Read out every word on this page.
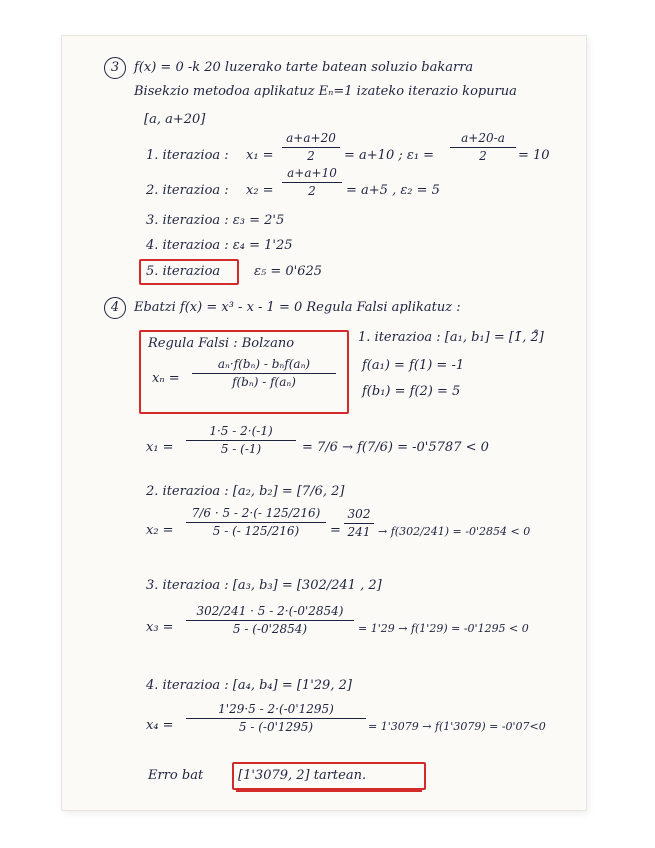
3	f(x) = 0 -k 20 luzerako tarte batean soluzio bakarra
Bisekzio metodoa aplikatuz Eₙ=1 izateko iterazio kopurua
[a, a+20]
1. iterazioa : x₁ =
a+a+20
2	= a+10 ; ε₁ =
a+20-a
2	= 10
2. iterazioa : x₂ =
a+a+10
2	= a+5 , ε₂ = 5
3. iterazioa : ε₃ = 2'5
4. iterazioa : ε₄ = 1'25
5. iterazioa	ε₅ = 0'625
4	Ebatzi f(x) = x³ - x - 1 = 0 Regula Falsi aplikatuz :
Regula Falsi : Bolzano
xₙ =
aₙ·f(bₙ) - bₙf(aₙ)
f(bₙ) - f(aₙ)
1. iterazioa : [a₁, b₁] = [1̄, 2̊]
f(a₁) = f(1) = -1
f(b₁) = f(2) = 5
x₁ =
1·5 - 2·(-1)
5 - (-1)	= 7/6 → f(7/6) = -0'5787 < 0
2. iterazioa : [a₂, b₂] = [7/6, 2]
x₂ =
7/6 · 5 - 2·(- 125/216)
5 - (- 125/216)	=
302
241 → f(302/241) = -0'2854 < 0
3. iterazioa : [a₃, b₃] = [302/241 , 2]
x₃ =
302/241 · 5 - 2·(-0'2854)
5 - (-0'2854)	= 1'29 → f(1'29) = -0'1295 < 0
4. iterazioa : [a₄, b₄] = [1'29, 2]
x₄ =
1'29·5 - 2·(-0'1295)
5 - (-0'1295)	= 1'3079 → f(1'3079) = -0'07<0
Erro bat	[1'3079, 2] tartean.
